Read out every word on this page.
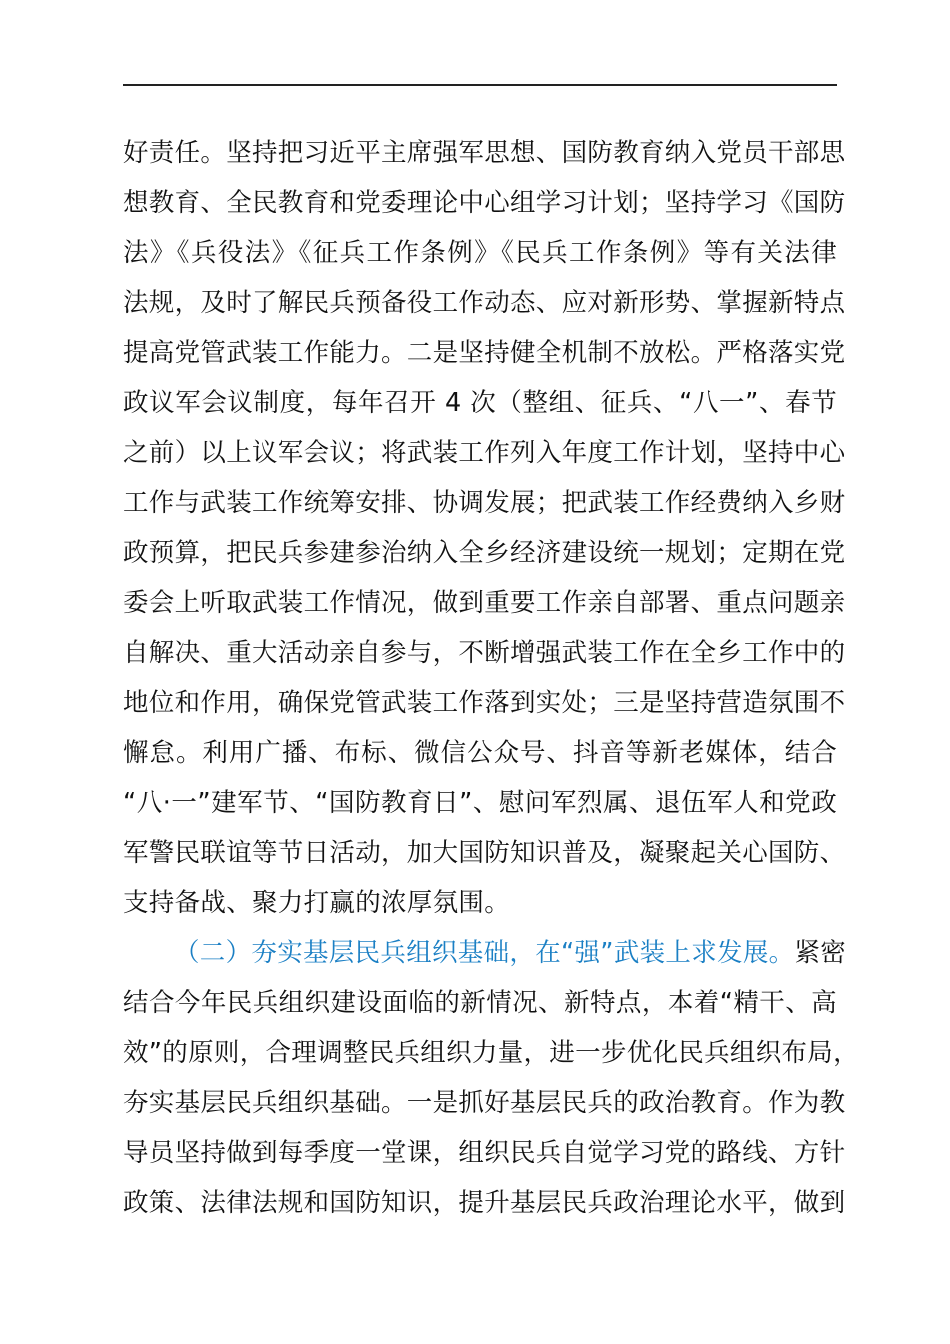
好责任。坚持把习近平主席强军思想、国防教育纳入党员干部思
想教育、全民教育和党委理论中心组学习计划；坚持学习《国防
法》《兵役法》《征兵工作条例》《民兵工作条例》等有关法律
法规，及时了解民兵预备役工作动态、应对新形势、掌握新特点
提高党管武装工作能力。二是坚持健全机制不放松。严格落实党
政议军会议制度，每年召开 4 次（整组、征兵、“八一”、春节
之前）以上议军会议；将武装工作列入年度工作计划，坚持中心
工作与武装工作统筹安排、协调发展；把武装工作经费纳入乡财
政预算，把民兵参建参治纳入全乡经济建设统一规划；定期在党
委会上听取武装工作情况，做到重要工作亲自部署、重点问题亲
自解决、重大活动亲自参与，不断增强武装工作在全乡工作中的
地位和作用，确保党管武装工作落到实处；三是坚持营造氛围不
懈怠。利用广播、布标、微信公众号、抖音等新老媒体，结合
“八·一”建军节、“国防教育日”、慰问军烈属、退伍军人和党政
军警民联谊等节日活动，加大国防知识普及，凝聚起关心国防、
支持备战、聚力打赢的浓厚氛围。
（二）夯实基层民兵组织基础，在“强”武装上求发展。紧密
结合今年民兵组织建设面临的新情况、新特点，本着“精干、高
效”的原则，合理调整民兵组织力量，进一步优化民兵组织布局，
夯实基层民兵组织基础。一是抓好基层民兵的政治教育。作为教
导员坚持做到每季度一堂课，组织民兵自觉学习党的路线、方针
政策、法律法规和国防知识，提升基层民兵政治理论水平，做到
